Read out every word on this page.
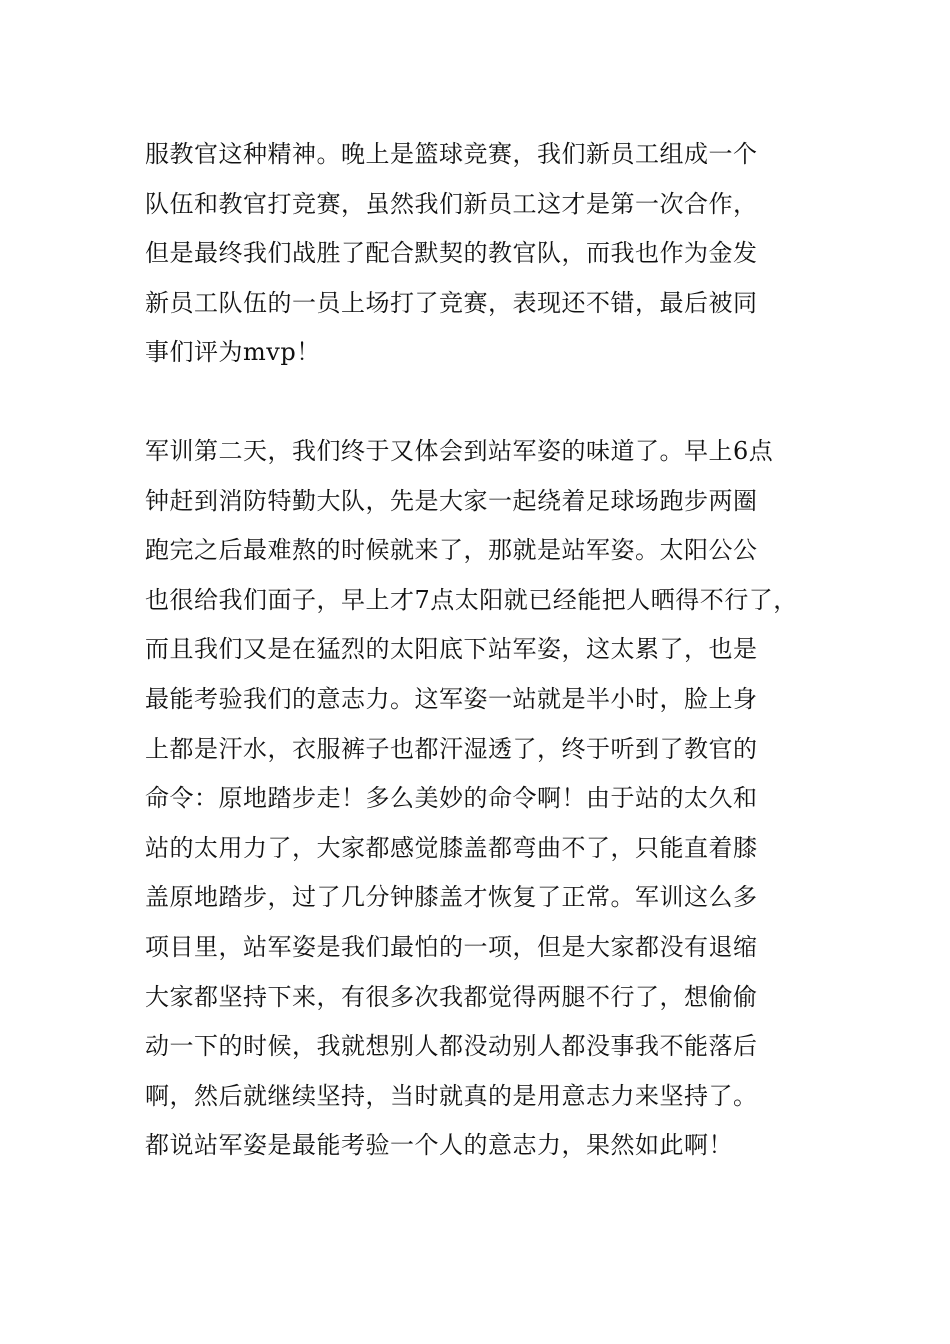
服教官这种精神。晚上是篮球竞赛，我们新员工组成一个
队伍和教官打竞赛，虽然我们新员工这才是第一次合作，
但是最终我们战胜了配合默契的教官队，而我也作为金发
新员工队伍的一员上场打了竞赛，表现还不错，最后被同
事们评为mvp！
军训第二天，我们终于又体会到站军姿的味道了。早上6点
钟赶到消防特勤大队，先是大家一起绕着足球场跑步两圈
跑完之后最难熬的时候就来了，那就是站军姿。太阳公公
也很给我们面子，早上才7点太阳就已经能把人晒得不行了，
而且我们又是在猛烈的太阳底下站军姿，这太累了，也是
最能考验我们的意志力。这军姿一站就是半小时，脸上身
上都是汗水，衣服裤子也都汗湿透了，终于听到了教官的
命令：原地踏步走！多么美妙的命令啊！由于站的太久和
站的太用力了，大家都感觉膝盖都弯曲不了，只能直着膝
盖原地踏步，过了几分钟膝盖才恢复了正常。军训这么多
项目里，站军姿是我们最怕的一项，但是大家都没有退缩
大家都坚持下来，有很多次我都觉得两腿不行了，想偷偷
动一下的时候，我就想别人都没动别人都没事我不能落后
啊，然后就继续坚持，当时就真的是用意志力来坚持了。
都说站军姿是最能考验一个人的意志力，果然如此啊！
